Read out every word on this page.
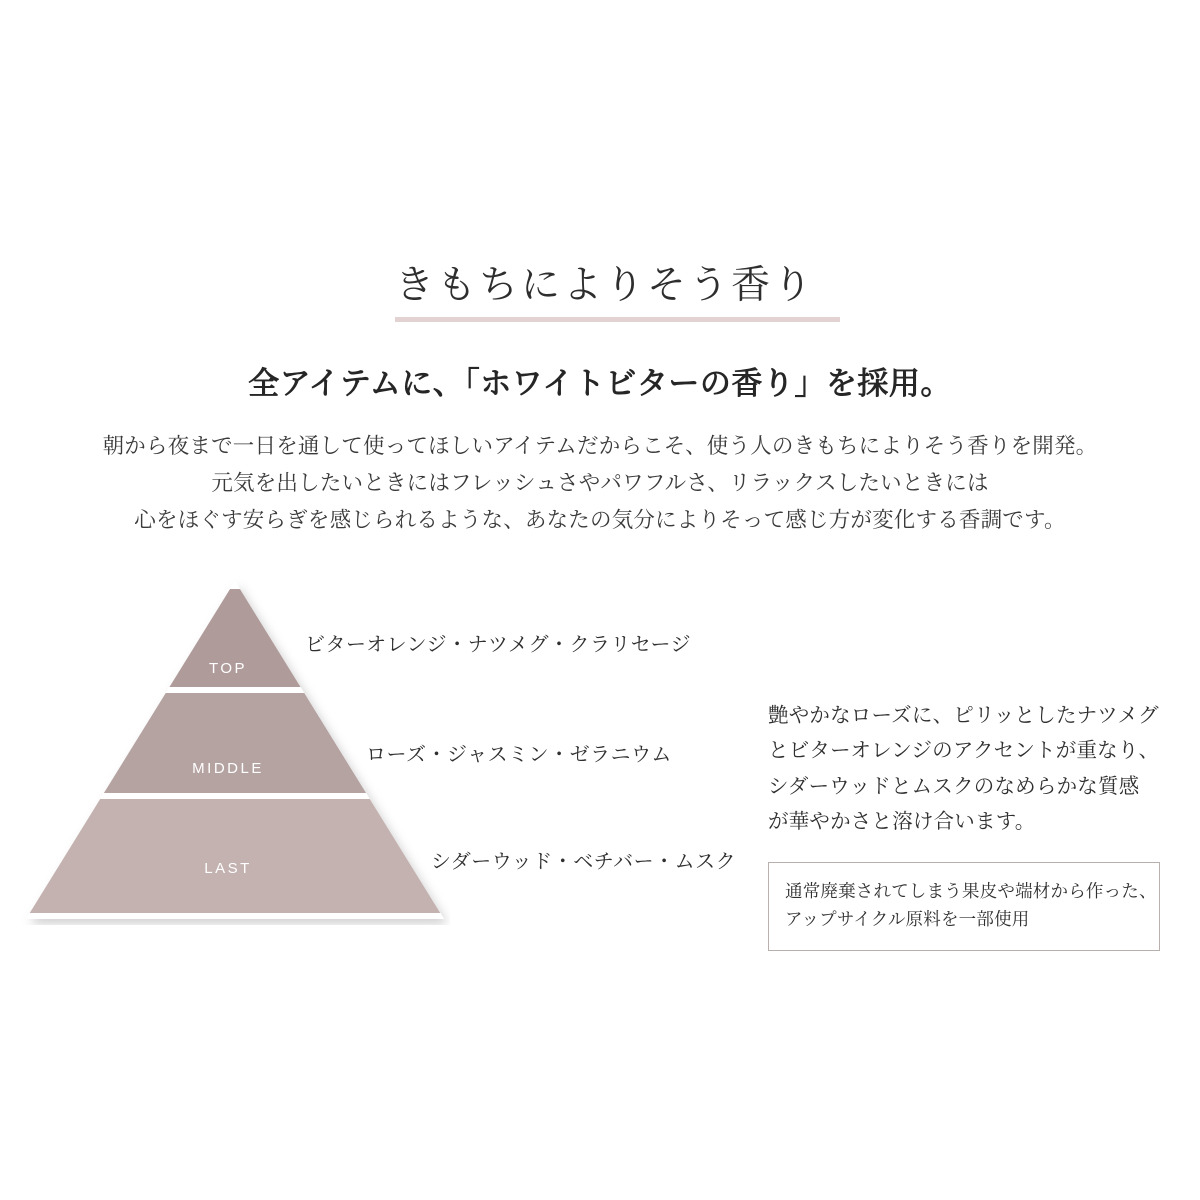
きもちによりそう香り
全アイテムに、「ホワイトビターの香り」を採用。
朝から夜まで一日を通して使ってほしいアイテムだからこそ、使う人のきもちによりそう香りを開発。
元気を出したいときにはフレッシュさやパワフルさ、リラックスしたいときには
心をほぐす安らぎを感じられるような、あなたの気分によりそって感じ方が変化する香調です。
TOP
MIDDLE
LAST
ビターオレンジ・ナツメグ・クラリセージ
ローズ・ジャスミン・ゼラニウム
シダーウッド・ベチバー・ムスク
艶やかなローズに、ピリッとしたナツメグ
とビターオレンジのアクセントが重なり、
シダーウッドとムスクのなめらかな質感
が華やかさと溶け合います。
通常廃棄されてしまう果皮や端材から作った、
アップサイクル原料を一部使用
